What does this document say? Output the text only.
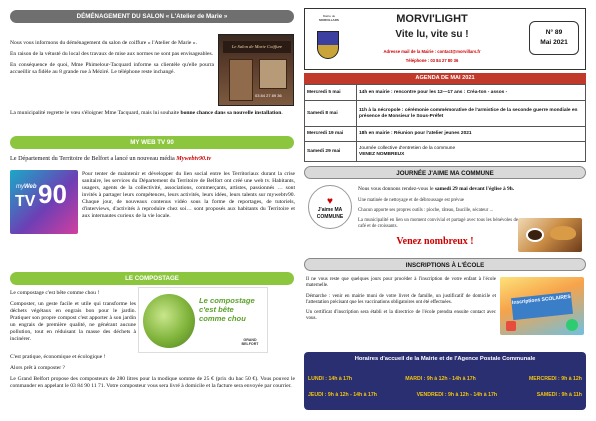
DÉMÉNAGEMENT DU SALON « L'Atelier de Marie »

Nous vous informons du déménagement du salon de coiffure « l'Atelier de Marie ».

En raison de la vétusté du local des travaux de mise aux normes ne sont pas envisageables.

En conséquence de quoi, Mme Phimelour-Tacquard informe sa clientèle qu'elle pourra accueillir sa fidèle au 8 grande rue à Méziré. Le téléphone reste inchangé.

La municipalité regrette le vœu s'éloigner Mme Tacquard, mais lui souhaite bonne chance dans sa nouvelle installation.
Le Salon de Marie Coiffure
03 84 27 89 36
MY WEB TV 90
Le Département du Territoire de Belfort a lancé un nouveau média Mywebtv90.tv
myWeb
TV 90
Pour tenter de maintenir et développer du lien social entre les Territoriaux durant la crise sanitaire, les services du Département du Territoire de Belfort ont créé une web tv. Habitants, usagers, agents de la collectivité, associations, commerçants, artistes, passionnés … sont invités à partager leurs compétences, leurs activités, leurs idées, leurs talents sur mywebtv90. Chaque jour, de nouveaux contenus vidéo sous la forme de reportages, de tutoriels, d'interviews, d'activités à reproduire chez soi… sont proposés aux habitants du Territoire et aux internautes curieux de la vie locale.
LE COMPOSTAGE

Le compostage c'est bête comme chou !

Composter, un geste facile et utile qui transforme les déchets végétaux en engrais bon pour le jardin. Pratiquer son propre compost c'est apporter à son jardin un engrais de première qualité, ne générant aucune pollution, tout en réduisant la masse des déchets à incinérer.

C'est pratique, économique et écologique !

Alors prêt à composter ?

Le Grand Belfort propose des composteurs de 280 litres pour la modique somme de 25 € (prix du bac 50 €). Vous pouvez le commander en appelant le 03 84 90 11 71. Votre composteur vous sera livré à domicile et la facture sera envoyée par courrier.

Le compostage
c'est bête
comme chou
GRAND BELFORT
Mairie de
MORVILLARS	MORVI'LIGHT
Vite lu, vite su !
Adresse mail de la Mairie : contact@morvillars.fr
Téléphone : 03 84 27 80 36
N° 89
Mai 2021
AGENDA DE MAI 2021
Mercredi 5 mai	14h en mairie : rencontre pour les 12—17 ans : Créa-ton - assos -
Samedi 8 mai	11h à la nécropole : cérémonie commémorative de l'armistice de la seconde guerre mondiale en présence de Monsieur le Sous-Préfet
Mercredi 19 mai	18h en mairie : Réunion pour l'atelier jeunes 2021
Samedi 29 mai	Journée collective d'entretien de la commune
VENEZ NOMBREUX
JOURNÉE J'AIME MA COMMUNE
♥
J'aime MA COMMUNE

Nous vous donnons rendez-vous le samedi 29 mai devant l'église à 9h.

Une matinée de nettoyage et de débroussage est prévue

Chacun apporte ses propres outils : pioche, râteau, faucille, sécateur ...

La municipalité en lien un moment convivial et partagé avec tous les bénévoles de café et de croissants.

Venez nombreux !
INSCRIPTIONS À L'ÉCOLE

Il ne vous reste que quelques jours pour procéder à l'inscription de votre enfant à l'école maternelle.

Démarche : venir en mairie muni de votre livret de famille, un justificatif de domicile et l'attestation précisant que les vaccinations obligatoires ont été effectuées.

Un certificat d'inscription sera établi et la directrice de l'école prendra ensuite contact avec vous.

Inscriptions SCOLAIRES
Horaires d'accueil de la Mairie et de l'Agence Postale Communale
LUNDI : 14h à 17h	MARDI : 9h à 12h - 14h à 17h	MERCREDI : 9h à 12h
JEUDI : 9h à 12h - 14h à 17h	VENDREDI : 9h à 12h - 14h à 17h	SAMEDI : 9h à 11h
